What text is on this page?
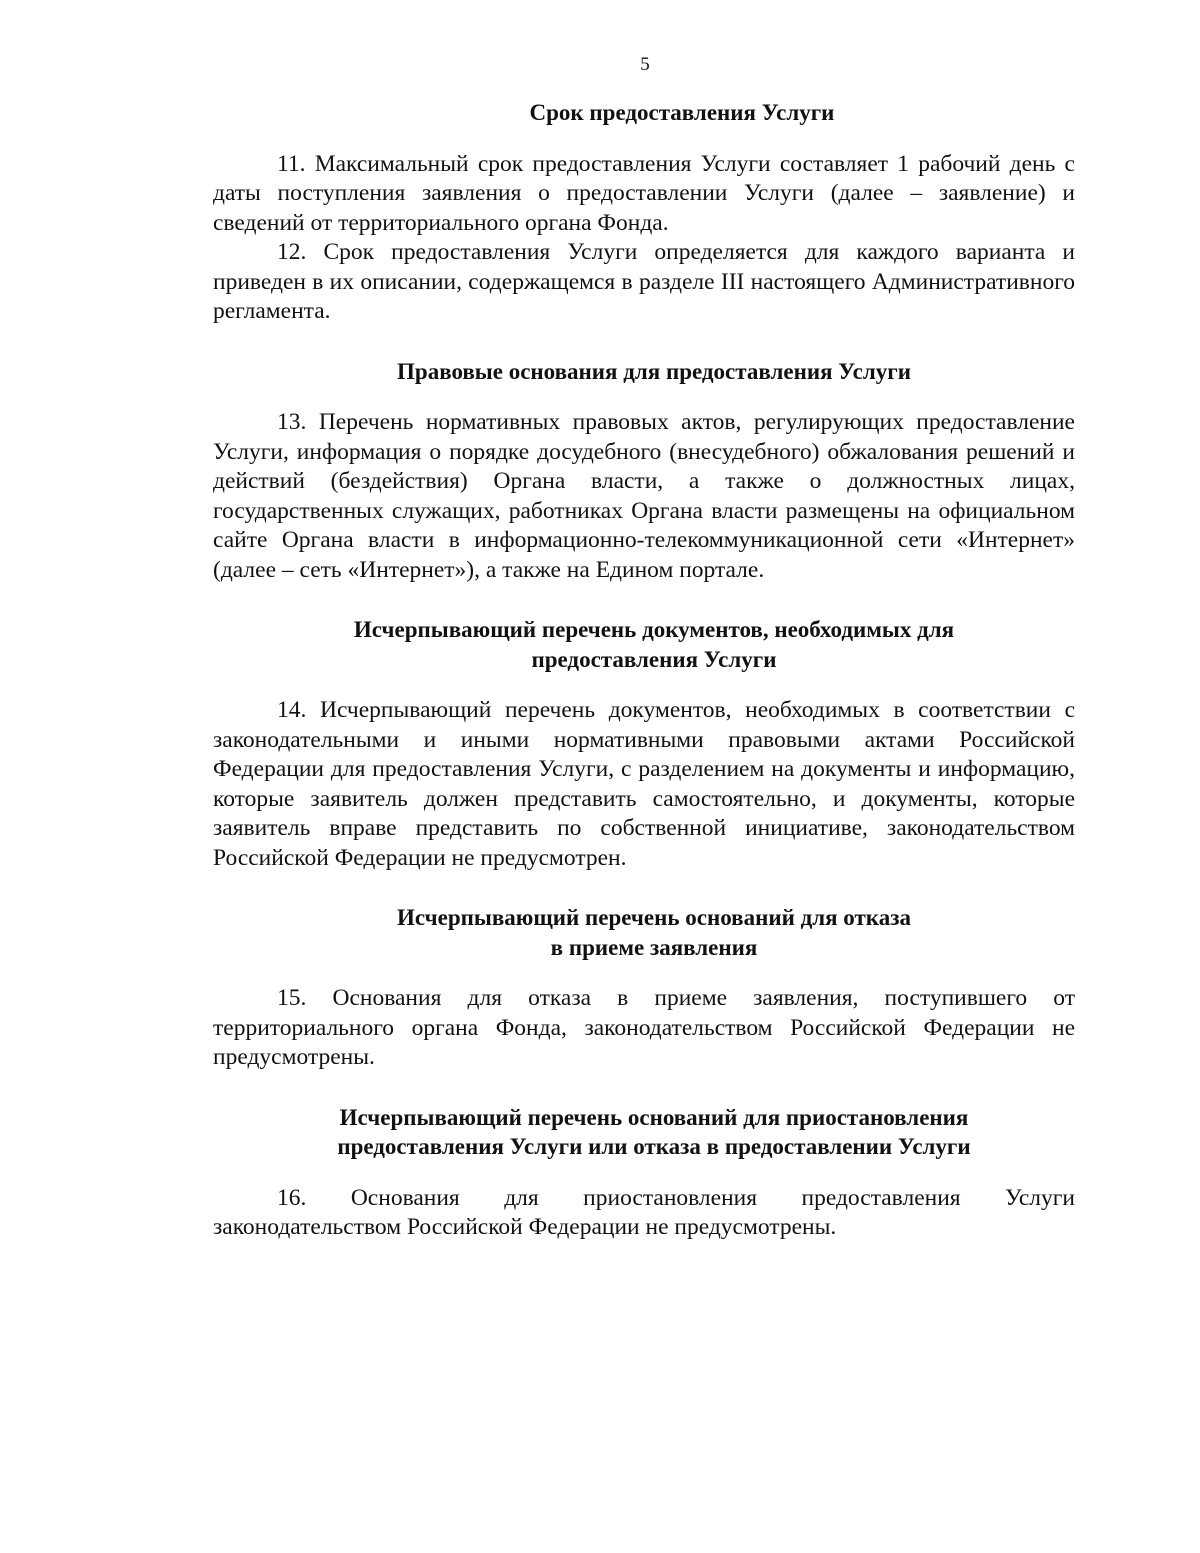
5
Срок предоставления Услуги

11. Максимальный срок предоставления Услуги составляет 1 рабочий день с даты поступления заявления о предоставлении Услуги (далее – заявление) и сведений от территориального органа Фонда.

12. Срок предоставления Услуги определяется для каждого варианта и приведен в их описании, содержащемся в разделе III настоящего Административного регламента.

Правовые основания для предоставления Услуги

13. Перечень нормативных правовых актов, регулирующих предоставление Услуги, информация о порядке досудебного (внесудебного) обжалования решений и действий (бездействия) Органа власти, а также о должностных лицах, государственных служащих, работниках Органа власти размещены на официальном сайте Органа власти в информационно-телекоммуникационной сети «Интернет» (далее – сеть «Интернет»), а также на Едином портале.

Исчерпывающий перечень документов, необходимых для
предоставления Услуги

14. Исчерпывающий перечень документов, необходимых в соответствии с законодательными и иными нормативными правовыми актами Российской Федерации для предоставления Услуги, с разделением на документы и информацию, которые заявитель должен представить самостоятельно, и документы, которые заявитель вправе представить по собственной инициативе, законодательством Российской Федерации не предусмотрен.

Исчерпывающий перечень оснований для отказа
в приеме заявления

15. Основания для отказа в приеме заявления, поступившего от территориального органа Фонда, законодательством Российской Федерации не предусмотрены.

Исчерпывающий перечень оснований для приостановления
предоставления Услуги или отказа в предоставлении Услуги

16. Основания для приостановления предоставления Услуги законодательством Российской Федерации не предусмотрены.
